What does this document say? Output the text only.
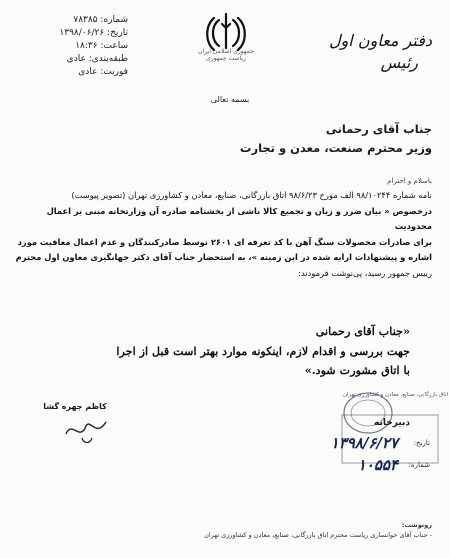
شماره: ۷۸۳۸۵
تاریخ: ۱۳۹۸/۰۶/۲۶
ساعت: ۱۸:۳۶
طبقه‌بندی: عادی
فوریت: عادی
جمهوری اسلامی ایران
ریاست جمهوری
دفتر معاون اول
رئیس
بسمه تعالی
جناب آقای رحمانی
وزیر محترم صنعت، معدن و تجارت
باسلام و احترام

نامه شماره ۹۸/۱۰۲۴۴ الف مورخ ۹۸/۶/۲۳ اتاق بازرگانی، صنایع، معادن و کشاورزی تهران (تصویر پیوست)

درخصوص « بیان ضرر و زیان و تجمیع کالا ناشی از بخشنامه صادره آن وزارتخانه مبنی بر اعمال محدودیت

برای صادرات محصولات سنگ آهن با کد تعرفه ای ۲۶۰۱ توسط صادرکنندگان و عدم اعمال معافیت مورد

اشاره و پیشنهادات ارایه شده در این زمینه »، به استحضار جناب آقای دکتر جهانگیری معاون اول محترم

رییس جمهور رسید، پی‌نوشت فرمودند:

«جناب آقای رحمانی

جهت بررسی و اقدام لازم، اینکونه موارد بهتر است قبل از اجرا

با اتاق مشورت شود.»

کاظم چهره گشا
اتاق بازرگانی، صنایع، معادن و کشاورزی تهران
دبیرخانه
تاریخ:
۱۳۹۸/۶/۲۷
شماره:
۱۰۵۵۴
رونوشت:
- جناب آقای خوانساری ریاست محترم اتاق بازرگانی، صنایع، معادن و کشاورزی تهران
